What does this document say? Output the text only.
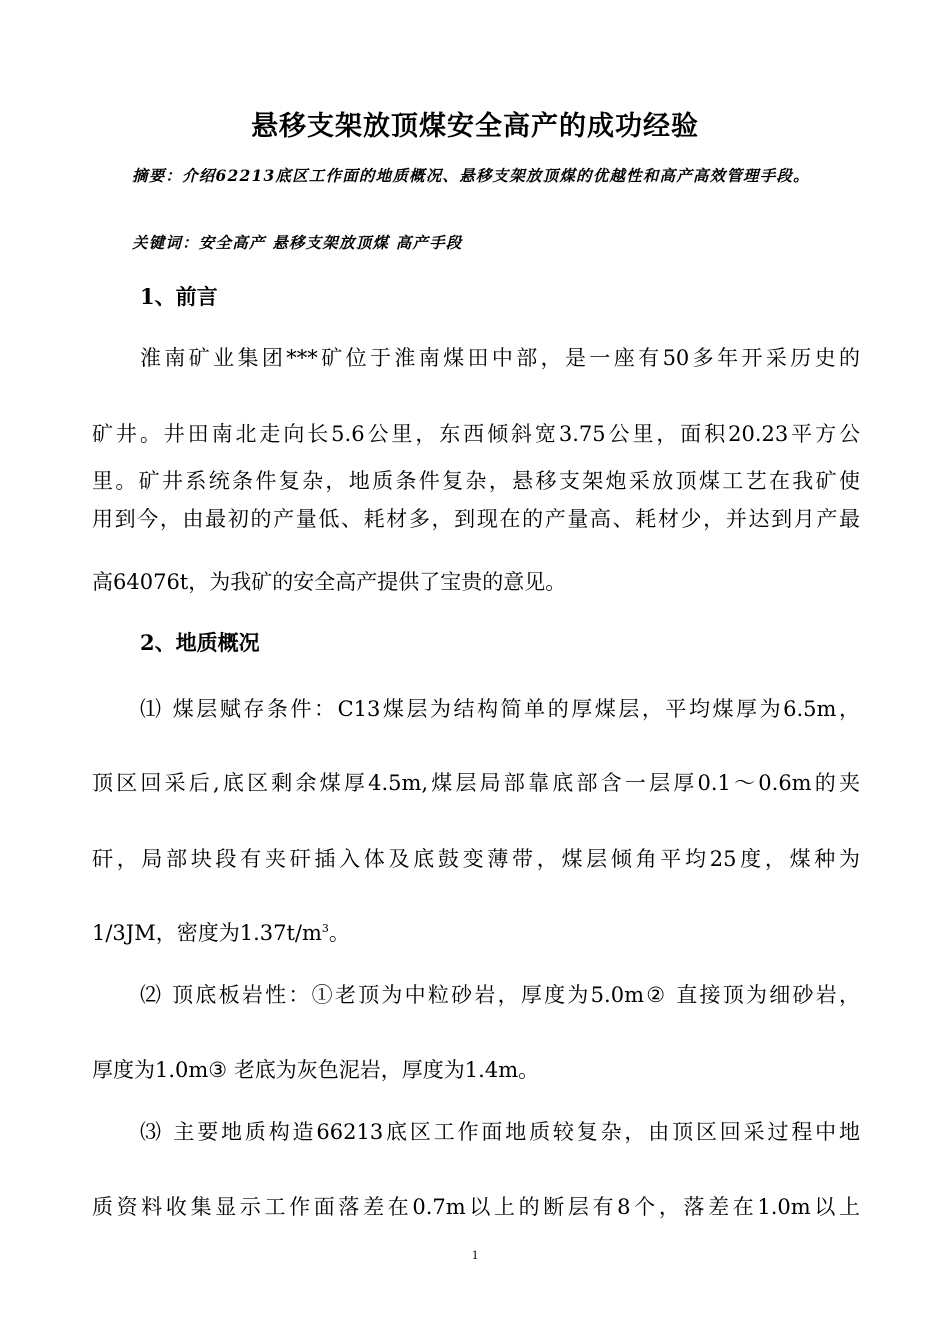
悬移支架放顶煤安全高产的成功经验
摘要：介绍62213底区工作面的地质概况、悬移支架放顶煤的优越性和高产高效管理手段。
关键词：安全高产 悬移支架放顶煤 高产手段
1、前言
淮南矿业集团***矿位于淮南煤田中部，是一座有50多年开采历史的
矿井。井田南北走向长5.6公里，东西倾斜宽3.75公里，面积20.23平方公
里。矿井系统条件复杂，地质条件复杂，悬移支架炮采放顶煤工艺在我矿使
用到今，由最初的产量低、耗材多，到现在的产量高、耗材少，并达到月产最
高64076t，为我矿的安全高产提供了宝贵的意见。
2、地质概况
⑴ 煤层赋存条件：C13煤层为结构简单的厚煤层，平均煤厚为6.5m，
顶区回采后,底区剩余煤厚4.5m,煤层局部靠底部含一层厚0.1～0.6m的夹
矸，局部块段有夹矸插入体及底鼓变薄带，煤层倾角平均25度，煤种为
1/3JM，密度为$1.37t/m^3$。
⑵ 顶底板岩性：①老顶为中粒砂岩，厚度为5.0m② 直接顶为细砂岩，
厚度为1.0m③ 老底为灰色泥岩，厚度为1.4m。
⑶ 主要地质构造66213底区工作面地质较复杂，由顶区回采过程中地
质资料收集显示工作面落差在0.7m以上的断层有8个，落差在1.0m以上
1
